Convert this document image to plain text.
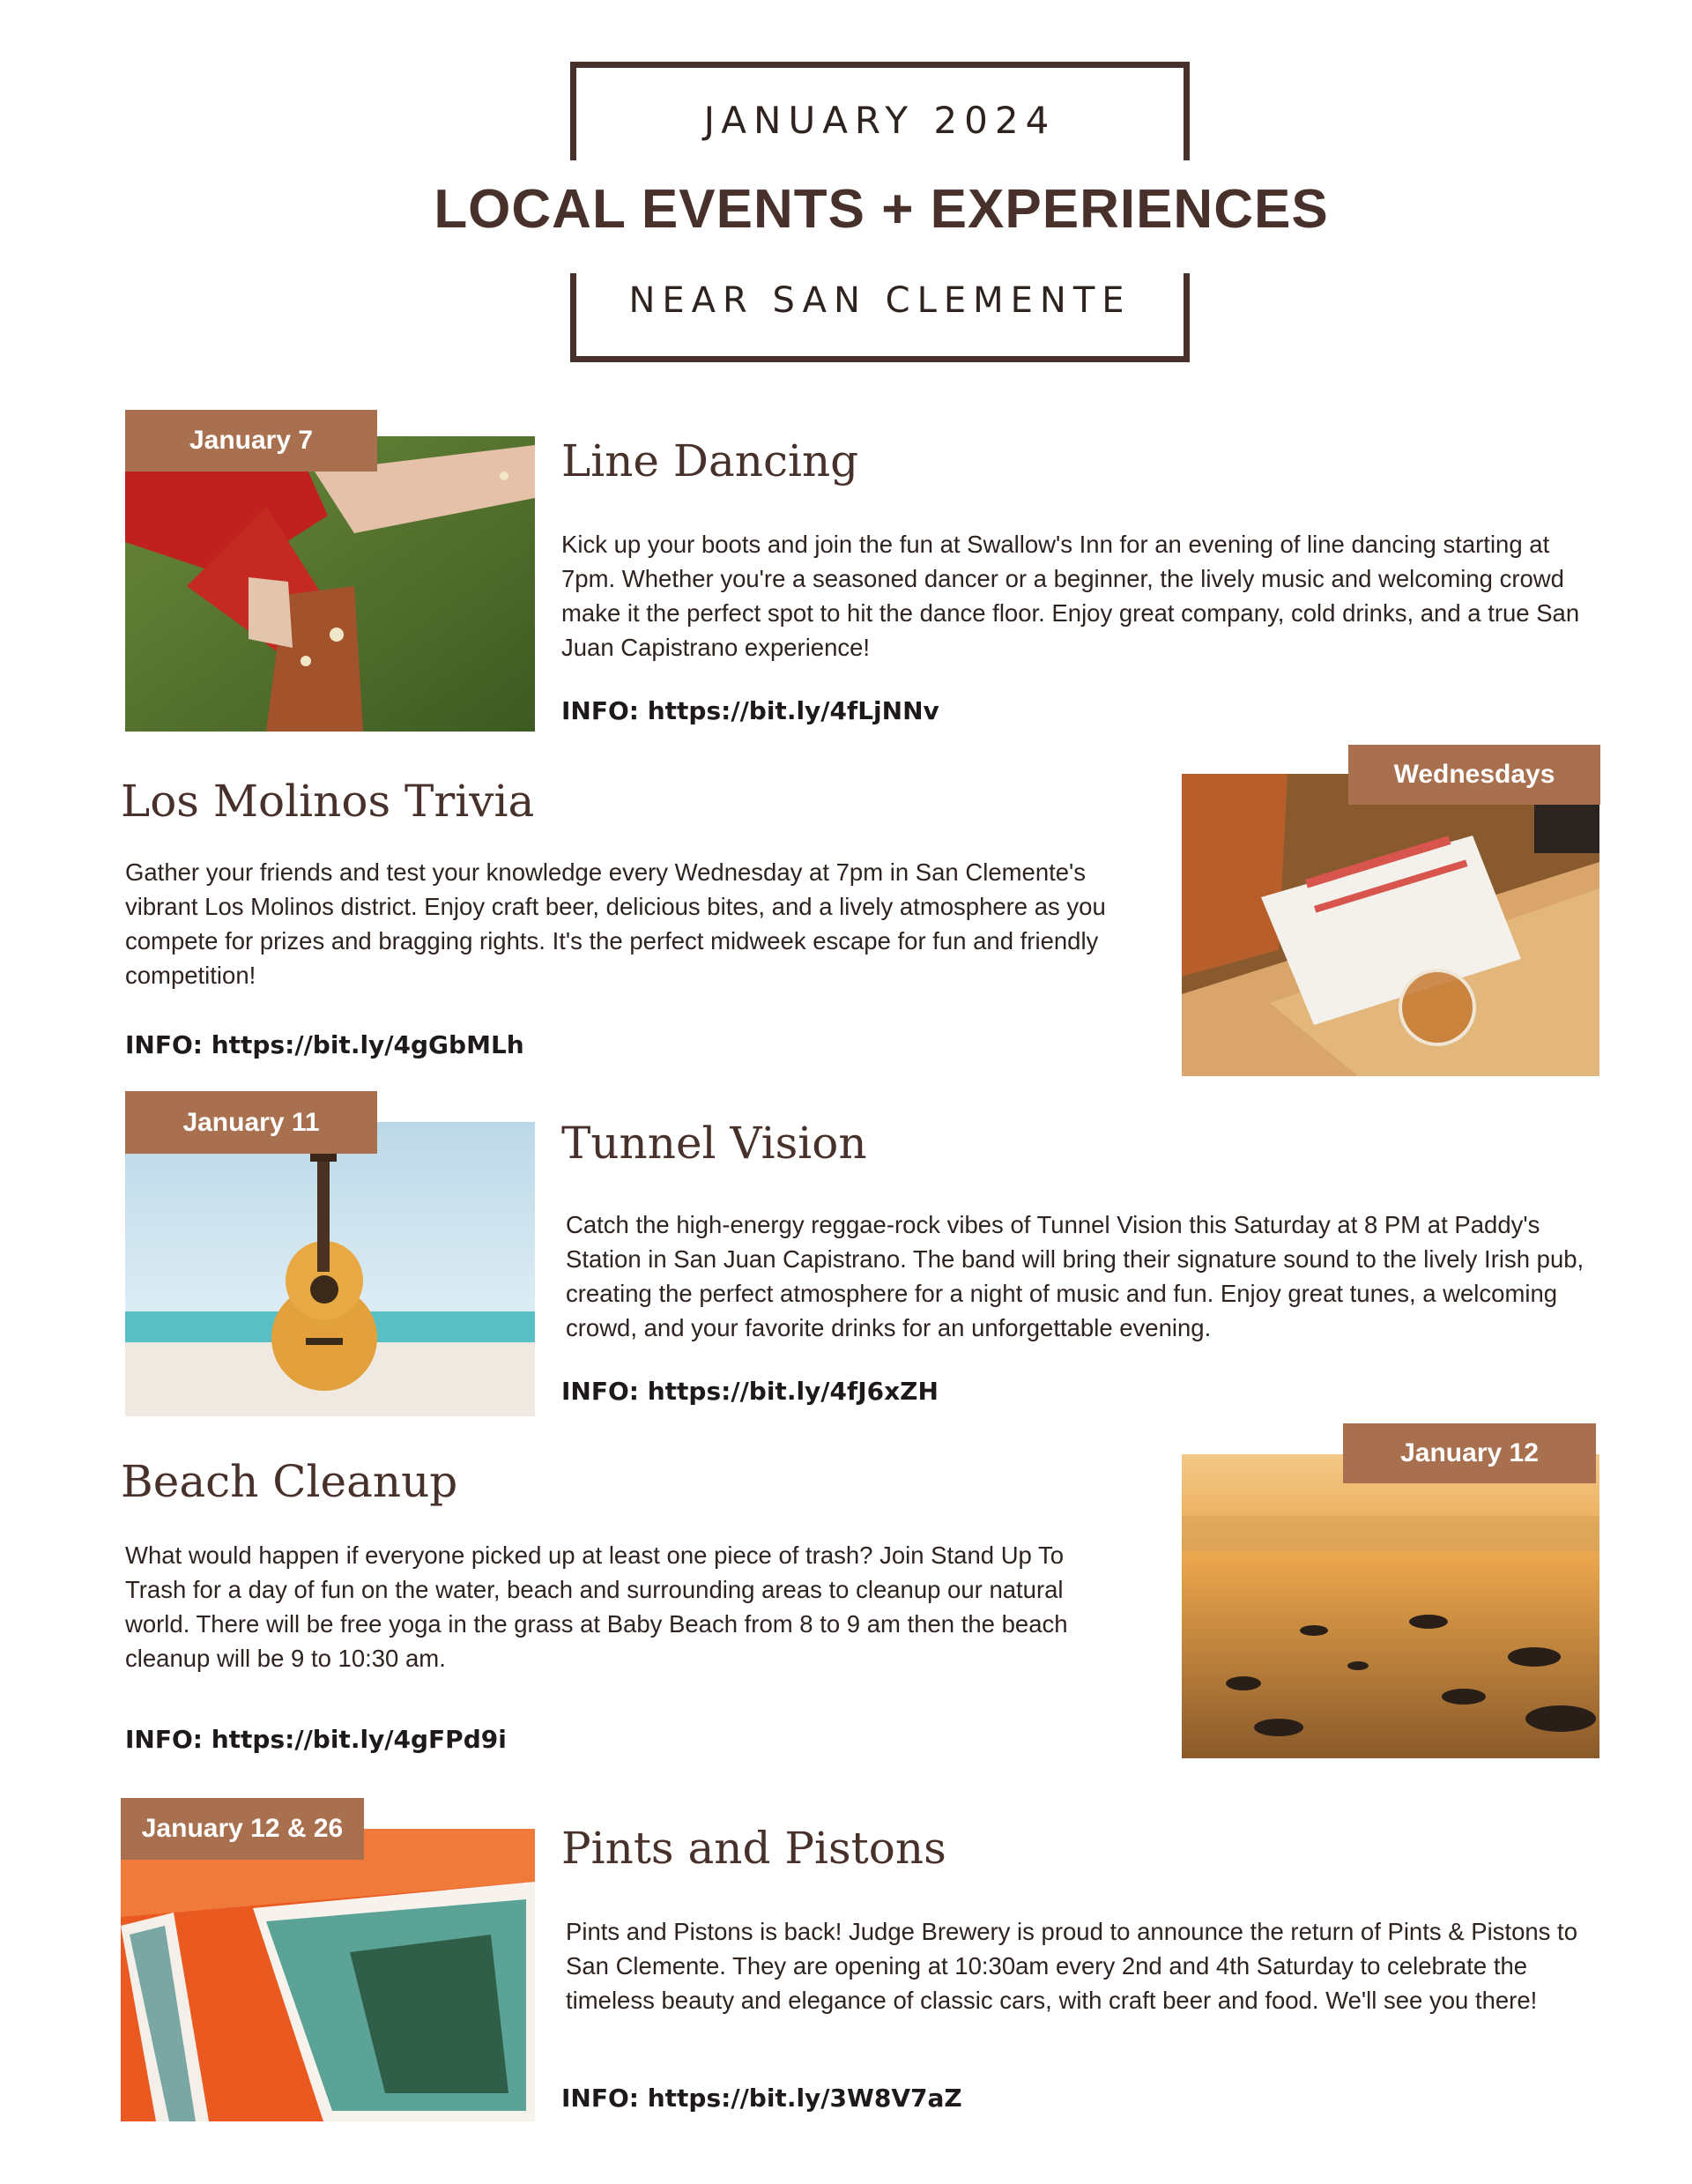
JANUARY 2024
LOCAL EVENTS + EXPERIENCES
NEAR SAN CLEMENTE
January 7	Line Dancing
Kick up your boots and join the fun at Swallow's Inn for an evening of line dancing starting at 7pm. Whether you're a seasoned dancer or a beginner, the lively music and welcoming crowd make it the perfect spot to hit the dance floor. Enjoy great company, cold drinks, and a true San Juan Capistrano experience!
INFO: https://bit.ly/4fLjNNv
Wednesdays
Los Molinos Trivia
Gather your friends and test your knowledge every Wednesday at 7pm in San Clemente's vibrant Los Molinos district. Enjoy craft beer, delicious bites, and a lively atmosphere as you compete for prizes and bragging rights. It's the perfect midweek escape for fun and friendly competition!
INFO: https://bit.ly/4gGbMLh
January 11	Tunnel Vision
Catch the high-energy reggae-rock vibes of Tunnel Vision this Saturday at 8 PM at Paddy's Station in San Juan Capistrano. The band will bring their signature sound to the lively Irish pub, creating the perfect atmosphere for a night of music and fun. Enjoy great tunes, a welcoming crowd, and your favorite drinks for an unforgettable evening.
INFO: https://bit.ly/4fJ6xZH
January 12
Beach Cleanup
What would happen if everyone picked up at least one piece of trash? Join Stand Up To Trash for a day of fun on the water, beach and surrounding areas to cleanup our natural world. There will be free yoga in the grass at Baby Beach from 8 to 9 am then the beach cleanup will be 9 to 10:30 am.
INFO: https://bit.ly/4gFPd9i
January 12 & 26	Pints and Pistons
Pints and Pistons is back! Judge Brewery is proud to announce the return of Pints & Pistons to San Clemente. They are opening at 10:30am every 2nd and 4th Saturday to celebrate the timeless beauty and elegance of classic cars, with craft beer and food. We'll see you there!
INFO: https://bit.ly/3W8V7aZ
